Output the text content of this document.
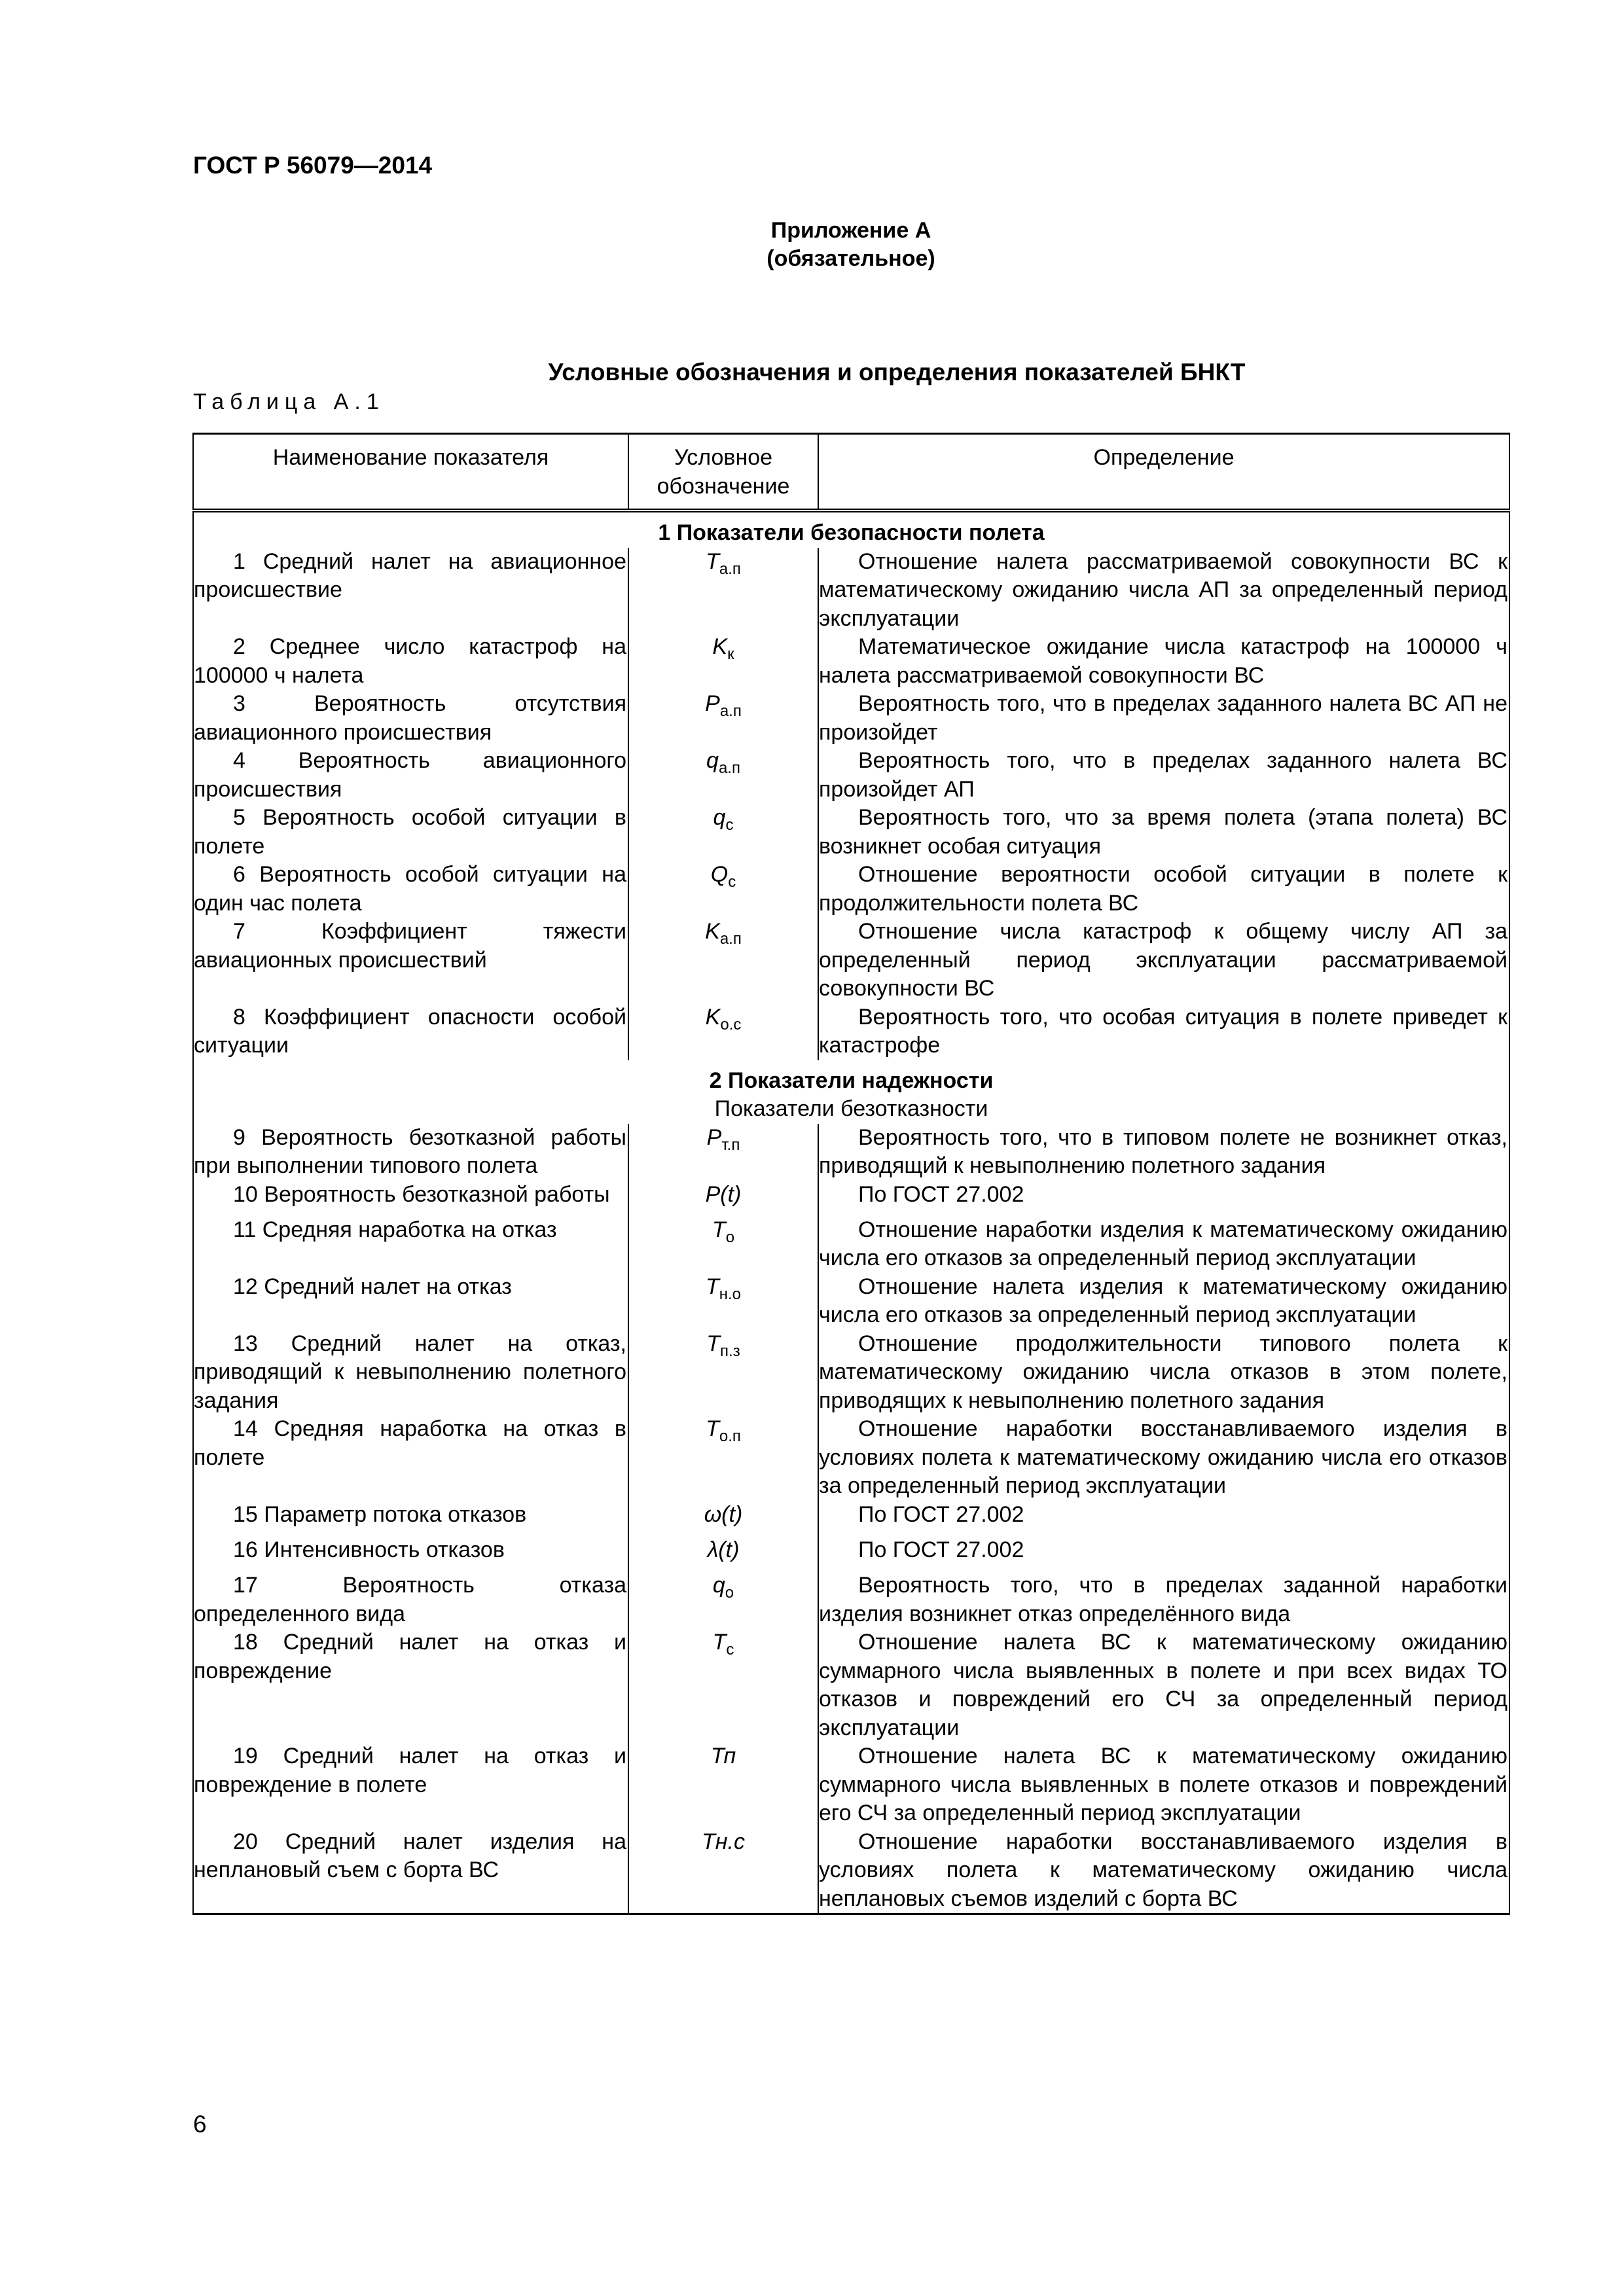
ГОСТ Р 56079—2014
Приложение А
(обязательное)
Условные обозначения и определения показателей БНКТ
Таблица А.1
Наименование показателя	Условное обозначение	Определение

1 Показатели безопасности полета		

1 Средний налет на авиационное происшествие	$T_{а.п}$	Отношение налета рассматриваемой совокупности ВС к математическому ожиданию числа АП за определенный период эксплуатации
2 Среднее число катастроф на 100000 ч налета	$K_к$	Математическое ожидание числа катастроф на 100000 ч налета рассматриваемой совокупности ВС
3 Вероятность отсутствия авиационного происшествия	$P_{а.п}$	Вероятность того, что в пределах заданного налета ВС АП не произойдет
4 Вероятность авиационного происшествия	$q_{а.п}$	Вероятность того, что в пределах заданного налета ВС произойдет АП
5 Вероятность особой ситуации в полете	$q_с$	Вероятность того, что за время полета (этапа полета) ВС возникнет особая ситуация
6 Вероятность особой ситуации на один час полета	$Q_с$	Отношение вероятности особой ситуации в полете к продолжительности полета ВС
7 Коэффициент тяжести авиационных происшествий	$K_{а.п}$	Отношение числа катастроф к общему числу АП за определенный период эксплуатации рассматриваемой совокупности ВС
8 Коэффициент опасности особой ситуации	$K_{о.с}$	Вероятность того, что особая ситуация в полете приведет к катастрофе

2 Показатели надежности
Показатели безотказности		
9 Вероятность безотказной работы при выполнении типового полета	$P_{т.п}$	Вероятность того, что в типовом полете не возникнет отказ, приводящий к невыполнению полетного задания
10 Вероятность безотказной работы	P(t)	По ГОСТ 27.002
11 Средняя наработка на отказ	$T_о$	Отношение наработки изделия к математическому ожиданию числа его отказов за определенный период эксплуатации
12 Средний налет на отказ	$T_{н.о}$	Отношение налета изделия к математическому ожиданию числа его отказов за определенный период эксплуатации
13 Средний налет на отказ, приводящий к невыполнению полетного задания	$T_{п.з}$	Отношение продолжительности типового полета к математическому ожиданию числа отказов в этом полете, приводящих к невыполнению полетного задания
14 Средняя наработка на отказ в полете	$T_{о.п}$	Отношение наработки восстанавливаемого изделия в условиях полета к математическому ожиданию числа его отказов за определенный период эксплуатации
15 Параметр потока отказов	ω(t)	По ГОСТ 27.002
16 Интенсивность отказов	λ(t)	По ГОСТ 27.002
17 Вероятность отказа определенного вида	$q_о$	Вероятность того, что в пределах заданной наработки изделия возникнет отказ определённого вида
18 Средний налет на отказ и повреждение	$T_с$	Отношение налета ВС к математическому ожиданию суммарного числа выявленных в полете и при всех видах ТО отказов и повреждений его СЧ за определенный период эксплуатации
19 Средний налет на отказ и повреждение в полете	Тп	Отношение налета ВС к математическому ожиданию суммарного числа выявленных в полете отказов и повреждений его СЧ за определенный период эксплуатации
20 Средний налет изделия на неплановый съем с борта ВС	Тн.с	Отношение наработки восстанавливаемого изделия в условиях полета к математическому ожиданию числа неплановых съемов изделий с борта ВС

6
